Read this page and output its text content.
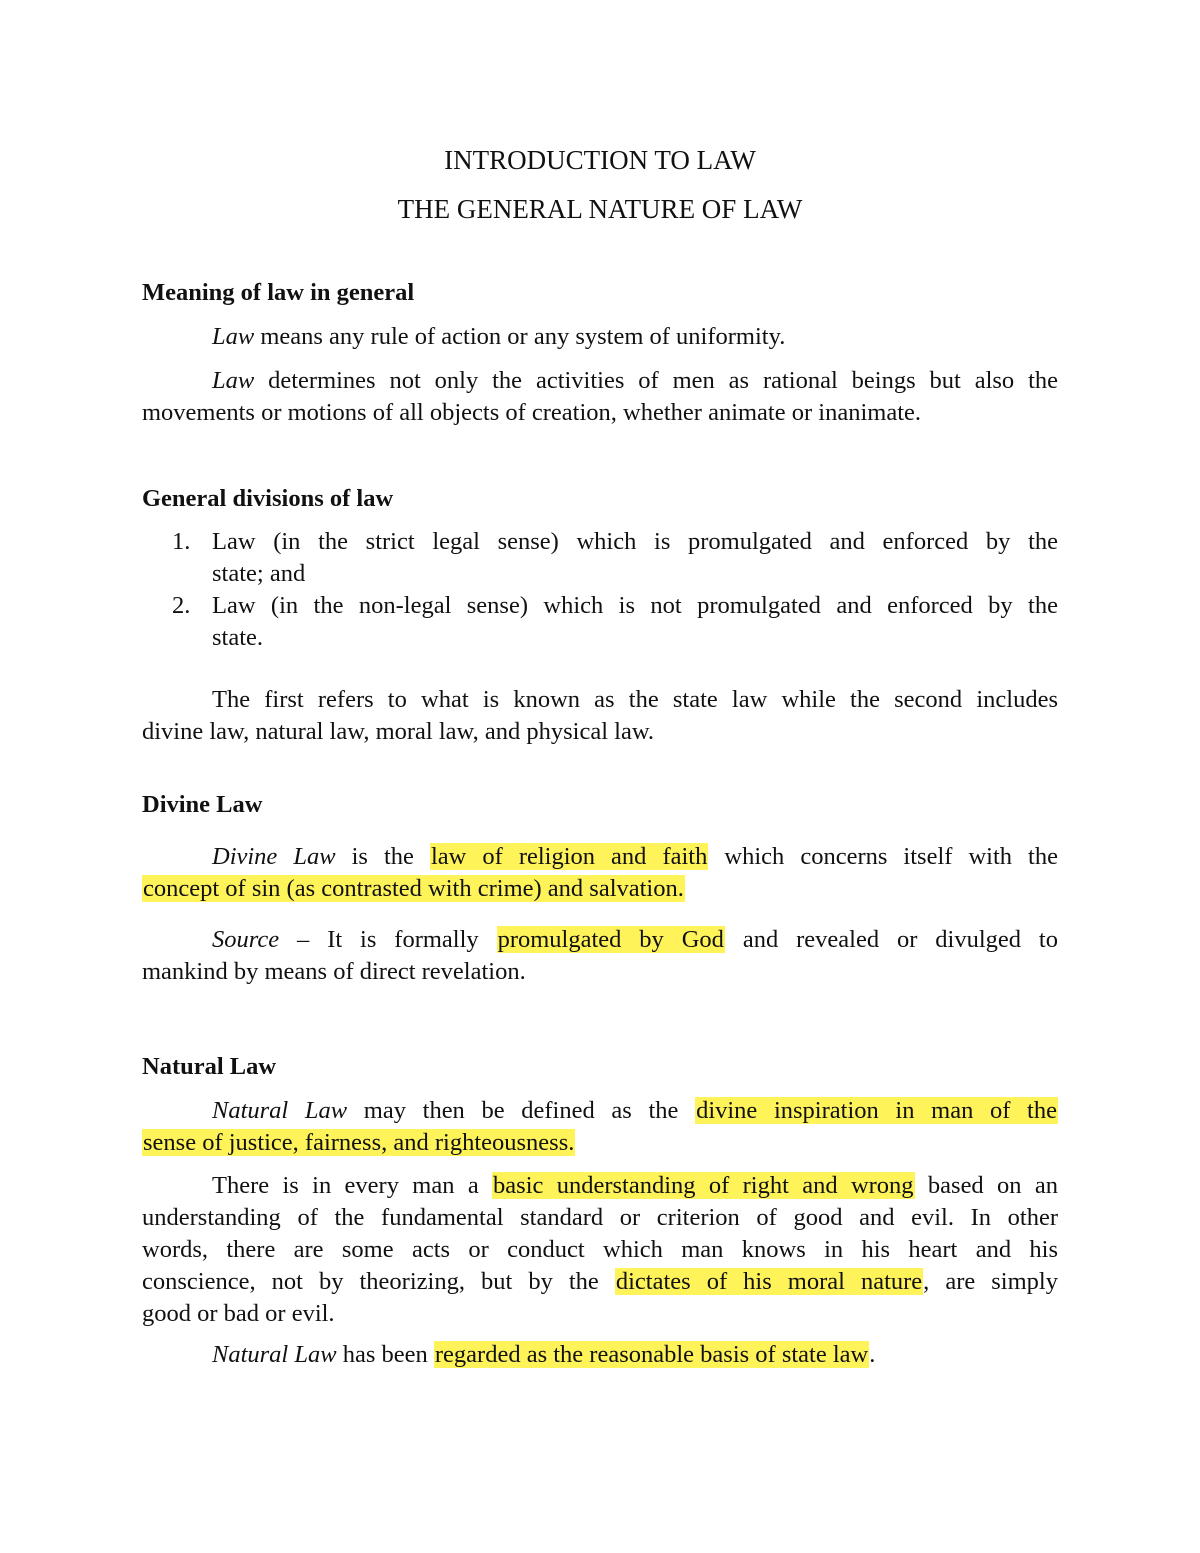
INTRODUCTION TO LAW
THE GENERAL NATURE OF LAW
Meaning of law in general
Law means any rule of action or any system of uniformity.
Law determines not only the activities of men as rational beings but also the
movements or motions of all objects of creation, whether animate or inanimate.
General divisions of law
1. Law (in the strict legal sense) which is promulgated and enforced by the
state; and
2. Law (in the non-legal sense) which is not promulgated and enforced by the
state.
The first refers to what is known as the state law while the second includes
divine law, natural law, moral law, and physical law.
Divine Law
Divine Law is the law of religion and faith which concerns itself with the
concept of sin (as contrasted with crime) and salvation.
Source – It is formally promulgated by God and revealed or divulged to
mankind by means of direct revelation.
Natural Law
Natural Law may then be defined as the divine inspiration in man of the
sense of justice, fairness, and righteousness.
There is in every man a basic understanding of right and wrong based on an
understanding of the fundamental standard or criterion of good and evil. In other
words, there are some acts or conduct which man knows in his heart and his
conscience, not by theorizing, but by the dictates of his moral nature, are simply
good or bad or evil.
Natural Law has been regarded as the reasonable basis of state law.
